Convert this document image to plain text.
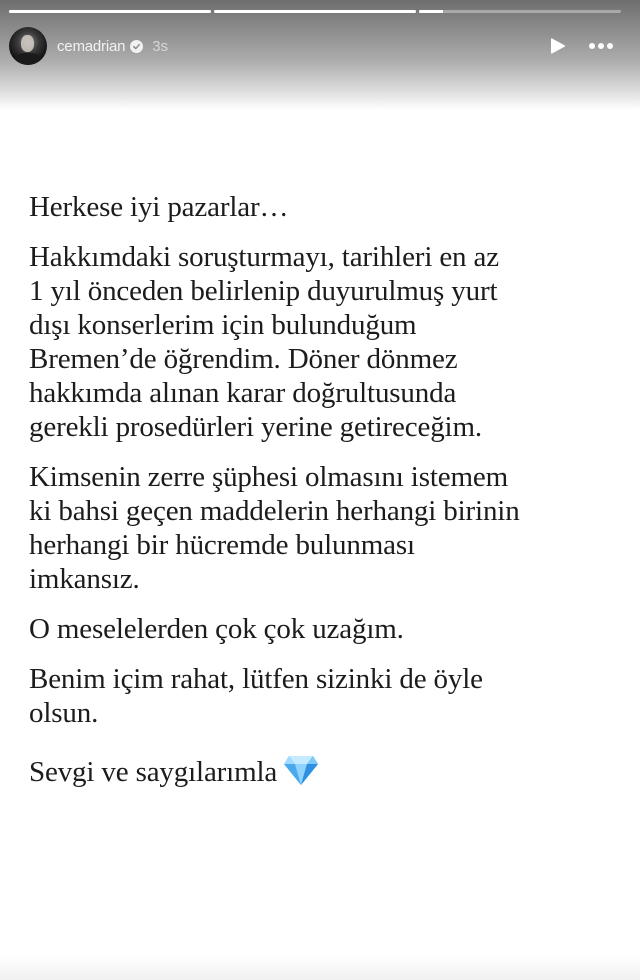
cemadrian 3s

Herkese iyi pazarlar…

Hakkımdaki soruşturmayı, tarihleri en az
1 yıl önceden belirlenip duyurulmuş yurt
dışı konserlerim için bulunduğum
Bremen’de öğrendim. Döner dönmez
hakkımda alınan karar doğrultusunda
gerekli prosedürleri yerine getireceğim.

Kimsenin zerre şüphesi olmasını istemem
ki bahsi geçen maddelerin herhangi birinin
herhangi bir hücremde bulunması
imkansız.

O meselelerden çok çok uzağım.

Benim içim rahat, lütfen sizinki de öyle
olsun.

Sevgi ve saygılarımla
